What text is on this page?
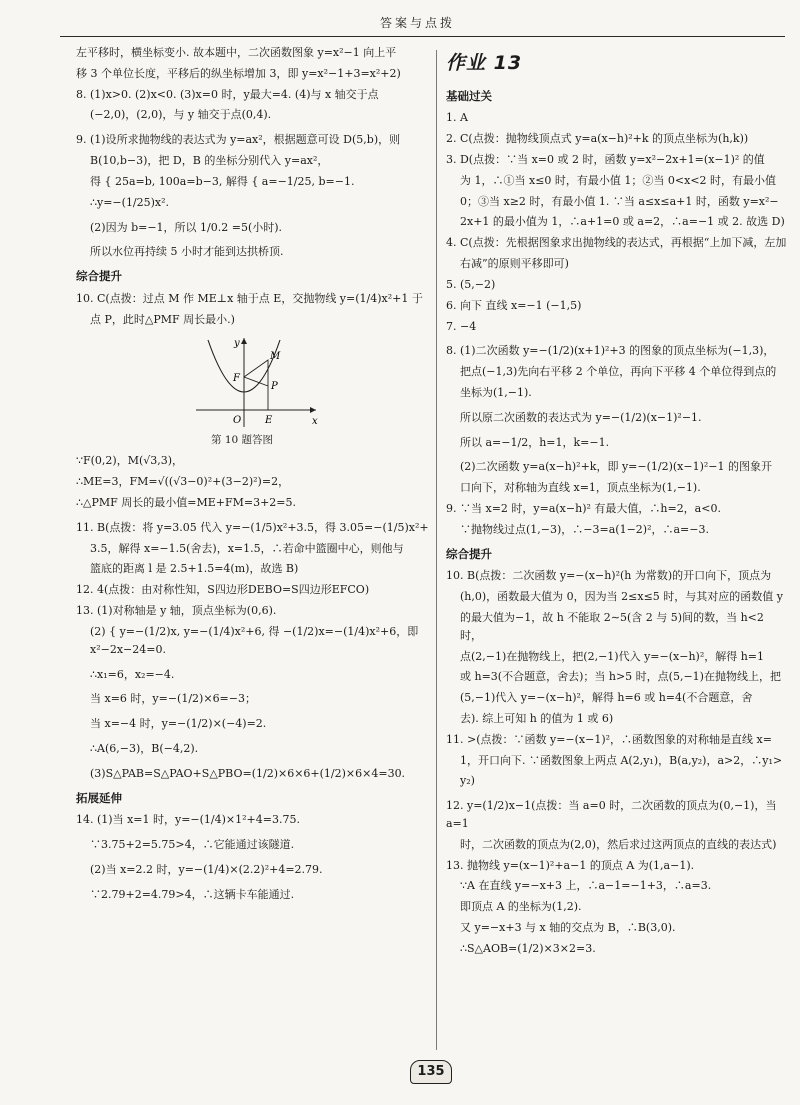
答案与点拨

左平移时，横坐标变小. 故本题中，二次函数图象 y=x²−1 向上平

移 3 个单位长度，平移后的纵坐标增加 3，即 y=x²−1+3=x²+2)

8. (1)x>0. (2)x<0. (3)x=0 时，y最大=4. (4)与 x 轴交于点

(−2,0)，(2,0)，与 y 轴交于点(0,4).

9. (1)设所求抛物线的表达式为 y=ax²，根据题意可设 D(5,b)，则

B(10,b−3)，把 D，B 的坐标分别代入 y=ax²，

得 { 25a=b, 100a=b−3, 解得 { a=−1/25, b=−1.

∴y=−(1/25)x².

(2)因为 b=−1，所以 1/0.2 =5(小时).

所以水位再持续 5 小时才能到达拱桥顶.

综合提升

10. C(点拨：过点 M 作 ME⊥x 轴于点 E，交抛物线 y=(1/4)x²+1 于

点 P，此时△PMF 周长最小.)

y
x
O E
F
M
P

第 10 题答图

∵F(0,2)，M(√3,3)，

∴ME=3，FM=√((√3−0)²+(3−2)²)=2，

∴△PMF 周长的最小值=ME+FM=3+2=5.

11. B(点拨：将 y=3.05 代入 y=−(1/5)x²+3.5，得 3.05=−(1/5)x²+

3.5，解得 x=−1.5(舍去)，x=1.5，∴若命中篮圈中心，则他与

篮底的距离 l 是 2.5+1.5=4(m)，故选 B)

12. 4(点拨：由对称性知，S四边形DEBO=S四边形EFCO)

13. (1)对称轴是 y 轴，顶点坐标为(0,6).

(2) { y=−(1/2)x, y=−(1/4)x²+6, 得 −(1/2)x=−(1/4)x²+6，即 x²−2x−24=0.

∴x₁=6，x₂=−4.

当 x=6 时，y=−(1/2)×6=−3；

当 x=−4 时，y=−(1/2)×(−4)=2.

∴A(6,−3)，B(−4,2).

(3)S△PAB=S△PAO+S△PBO=(1/2)×6×6+(1/2)×6×4=30.

拓展延伸

14. (1)当 x=1 时，y=−(1/4)×1²+4=3.75.

∵3.75+2=5.75>4，∴它能通过该隧道.

(2)当 x=2.2 时，y=−(1/4)×(2.2)²+4=2.79.

∵2.79+2=4.79>4，∴这辆卡车能通过.

作业 13

基础过关

1. A

2. C(点拨：抛物线顶点式 y=a(x−h)²+k 的顶点坐标为(h,k))

3. D(点拨：∵当 x=0 或 2 时，函数 y=x²−2x+1=(x−1)² 的值

为 1，∴①当 x≤0 时，有最小值 1；②当 0<x<2 时，有最小值

0；③当 x≥2 时，有最小值 1. ∵当 a≤x≤a+1 时，函数 y=x²−

2x+1 的最小值为 1，∴a+1=0 或 a=2，∴a=−1 或 2. 故选 D)

4. C(点拨：先根据图象求出抛物线的表达式，再根据“上加下减，左加

右减”的原则平移即可)

5. (5,−2)

6. 向下 直线 x=−1 (−1,5)

7. −4

8. (1)二次函数 y=−(1/2)(x+1)²+3 的图象的顶点坐标为(−1,3)，

把点(−1,3)先向右平移 2 个单位，再向下平移 4 个单位得到点的

坐标为(1,−1).

所以原二次函数的表达式为 y=−(1/2)(x−1)²−1.

所以 a=−1/2，h=1，k=−1.

(2)二次函数 y=a(x−h)²+k，即 y=−(1/2)(x−1)²−1 的图象开

口向下，对称轴为直线 x=1，顶点坐标为(1,−1).

9. ∵当 x=2 时，y=a(x−h)² 有最大值，∴h=2，a<0.

∵抛物线过点(1,−3)，∴−3=a(1−2)²，∴a=−3.

综合提升

10. B(点拨：二次函数 y=−(x−h)²(h 为常数)的开口向下，顶点为

(h,0)，函数最大值为 0，因为当 2≤x≤5 时，与其对应的函数值 y

的最大值为−1，故 h 不能取 2∼5(含 2 与 5)间的数，当 h<2 时，

点(2,−1)在抛物线上，把(2,−1)代入 y=−(x−h)²，解得 h=1

或 h=3(不合题意，舍去)；当 h>5 时，点(5,−1)在抛物线上，把

(5,−1)代入 y=−(x−h)²，解得 h=6 或 h=4(不合题意，舍

去). 综上可知 h 的值为 1 或 6)

11. >(点拨：∵函数 y=−(x−1)²，∴函数图象的对称轴是直线 x=

1，开口向下. ∵函数图象上两点 A(2,y₁)，B(a,y₂)，a>2，∴y₁>

y₂)

12. y=(1/2)x−1(点拨：当 a=0 时，二次函数的顶点为(0,−1)，当 a=1

时，二次函数的顶点为(2,0)，然后求过这两顶点的直线的表达式)

13. 抛物线 y=(x−1)²+a−1 的顶点 A 为(1,a−1).

∵A 在直线 y=−x+3 上，∴a−1=−1+3，∴a=3.

即顶点 A 的坐标为(1,2).

又 y=−x+3 与 x 轴的交点为 B，∴B(3,0).

∴S△AOB=(1/2)×3×2=3.

135
